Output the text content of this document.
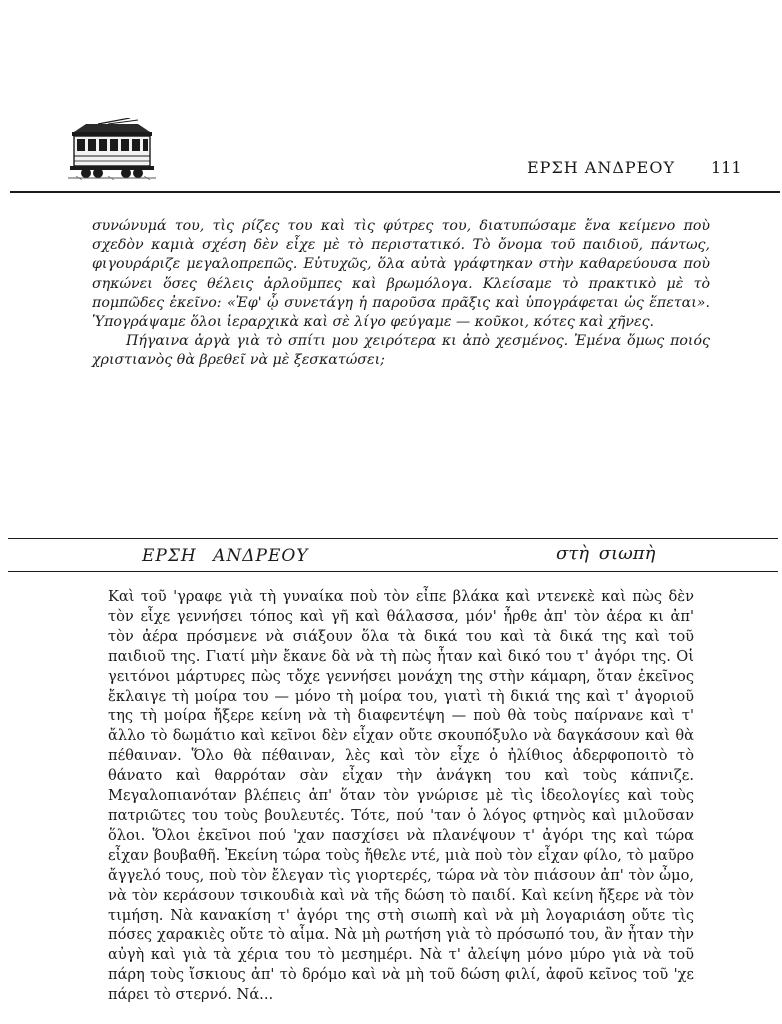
ΕΡΣΗ ΑΝΔΡΕΟΥ 111

συνώνυμά του, τὶς ρίζες του καὶ τὶς φύτρες του, διατυπώσαμε ἕνα κείμενο ποὺ σχεδὸν καμιὰ σχέση δὲν εἶχε μὲ τὸ περιστατικό. Τὸ ὄνομα τοῦ παιδιοῦ, πάντως, φιγουράριζε μεγαλοπρεπῶς. Εὐτυχῶς, ὅλα αὐτὰ γράφτηκαν στὴν καθαρεύουσα ποὺ σηκώνει ὅσες θέλεις ἀρλοῦμπες καὶ βρωμόλογα. Κλείσαμε τὸ πρακτικὸ μὲ τὸ πομπῶδες ἐκεῖνο: «Ἐφ' ᾧ συνετάγη ἡ παροῦσα πρᾶξις καὶ ὑπογράφεται ὡς ἕπεται». Ὑπογράψαμε ὅλοι ἱεραρχικὰ καὶ σὲ λίγο φεύγαμε — κοῦκοι, κότες καὶ χῆνες.

Πήγαινα ἀργὰ γιὰ τὸ σπίτι μου χειρότερα κι ἀπὸ χεσμένος. Ἐμένα ὅμως ποιός χριστιανὸς θὰ βρεθεῖ νὰ μὲ ξεσκατώσει;

ΕΡΣΗ ΑΝΔΡΕΟΥ	στὴ σιωπὴ

Καὶ τοῦ 'γραφε γιὰ τὴ γυναίκα ποὺ τὸν εἶπε βλάκα καὶ ντενεκὲ καὶ πὼς δὲν τὸν εἶχε γεννήσει τόπος καὶ γῆ καὶ θάλασσα, μόν' ἦρθε ἀπ' τὸν ἀέρα κι ἀπ' τὸν ἀέρα πρόσμενε νὰ σιάξουν ὅλα τὰ δικά του καὶ τὰ δικά της καὶ τοῦ παιδιοῦ της. Γιατί μὴν ἔκανε δὰ νὰ τὴ πὼς ἦταν καὶ δικό του τ' ἀγόρι της. Οἱ γειτόνοι μάρτυρες πὼς τὄχε γεννήσει μονάχη της στὴν κάμαρη, ὅταν ἐκεῖνος ἔκλαιγε τὴ μοίρα του — μόνο τὴ μοίρα του, γιατὶ τὴ δικιά της καὶ τ' ἀγοριοῦ της τὴ μοίρα ἤξερε κείνη νὰ τὴ διαφεντέψη — ποὺ θὰ τοὺς παίρνανε καὶ τ' ἄλλο τὸ δωμάτιο καὶ κεῖνοι δὲν εἶχαν οὔτε σκουπόξυλο νὰ δαγκάσουν καὶ θὰ πέθαιναν. Ὅλο θὰ πέθαιναν, λὲς καὶ τὸν εἶχε ὁ ἠλίθιος ἀδερφοποιτὸ τὸ θάνατο καὶ θαρρόταν σὰν εἶχαν τὴν ἀνάγκη του καὶ τοὺς κάπνιζε. Μεγαλοπιανόταν βλέπεις ἀπ' ὅταν τὸν γνώρισε μὲ τὶς ἰδεολογίες καὶ τοὺς πατριῶτες του τοὺς βουλευτές. Τότε, πού 'ταν ὁ λόγος φτηνὸς καὶ μιλοῦσαν ὅλοι. Ὅλοι ἐκεῖνοι πού 'χαν πασχίσει νὰ πλανέψουν τ' ἀγόρι της καὶ τώρα εἶχαν βουβαθῆ. Ἐκείνη τώρα τοὺς ἤθελε ντέ, μιὰ ποὺ τὸν εἶχαν φίλο, τὸ μαῦρο ἄγγελό τους, ποὺ τὸν ἔλεγαν τὶς γιορτερές, τώρα νὰ τὸν πιάσουν ἀπ' τὸν ὦμο, νὰ τὸν κεράσουν τσικουδιὰ καὶ νὰ τῆς δώση τὸ παιδί. Καὶ κείνη ἤξερε νὰ τὸν τιμήση. Νὰ κανακίση τ' ἀγόρι της στὴ σιωπὴ καὶ νὰ μὴ λογαριάση οὔτε τὶς πόσες χαρακιὲς οὔτε τὸ αἷμα. Νὰ μὴ ρωτήση γιὰ τὸ πρόσωπό του, ἂν ἦταν τὴν αὐγὴ καὶ γιὰ τὰ χέρια του τὸ μεσημέρι. Νὰ τ' ἀλείψη μόνο μύρο γιὰ νὰ τοῦ πάρη τοὺς ἴσκιους ἀπ' τὸ δρόμο καὶ νὰ μὴ τοῦ δώση φιλί, ἀφοῦ κεῖνος τοῦ 'χε πάρει τὸ στερνό. Νά...
